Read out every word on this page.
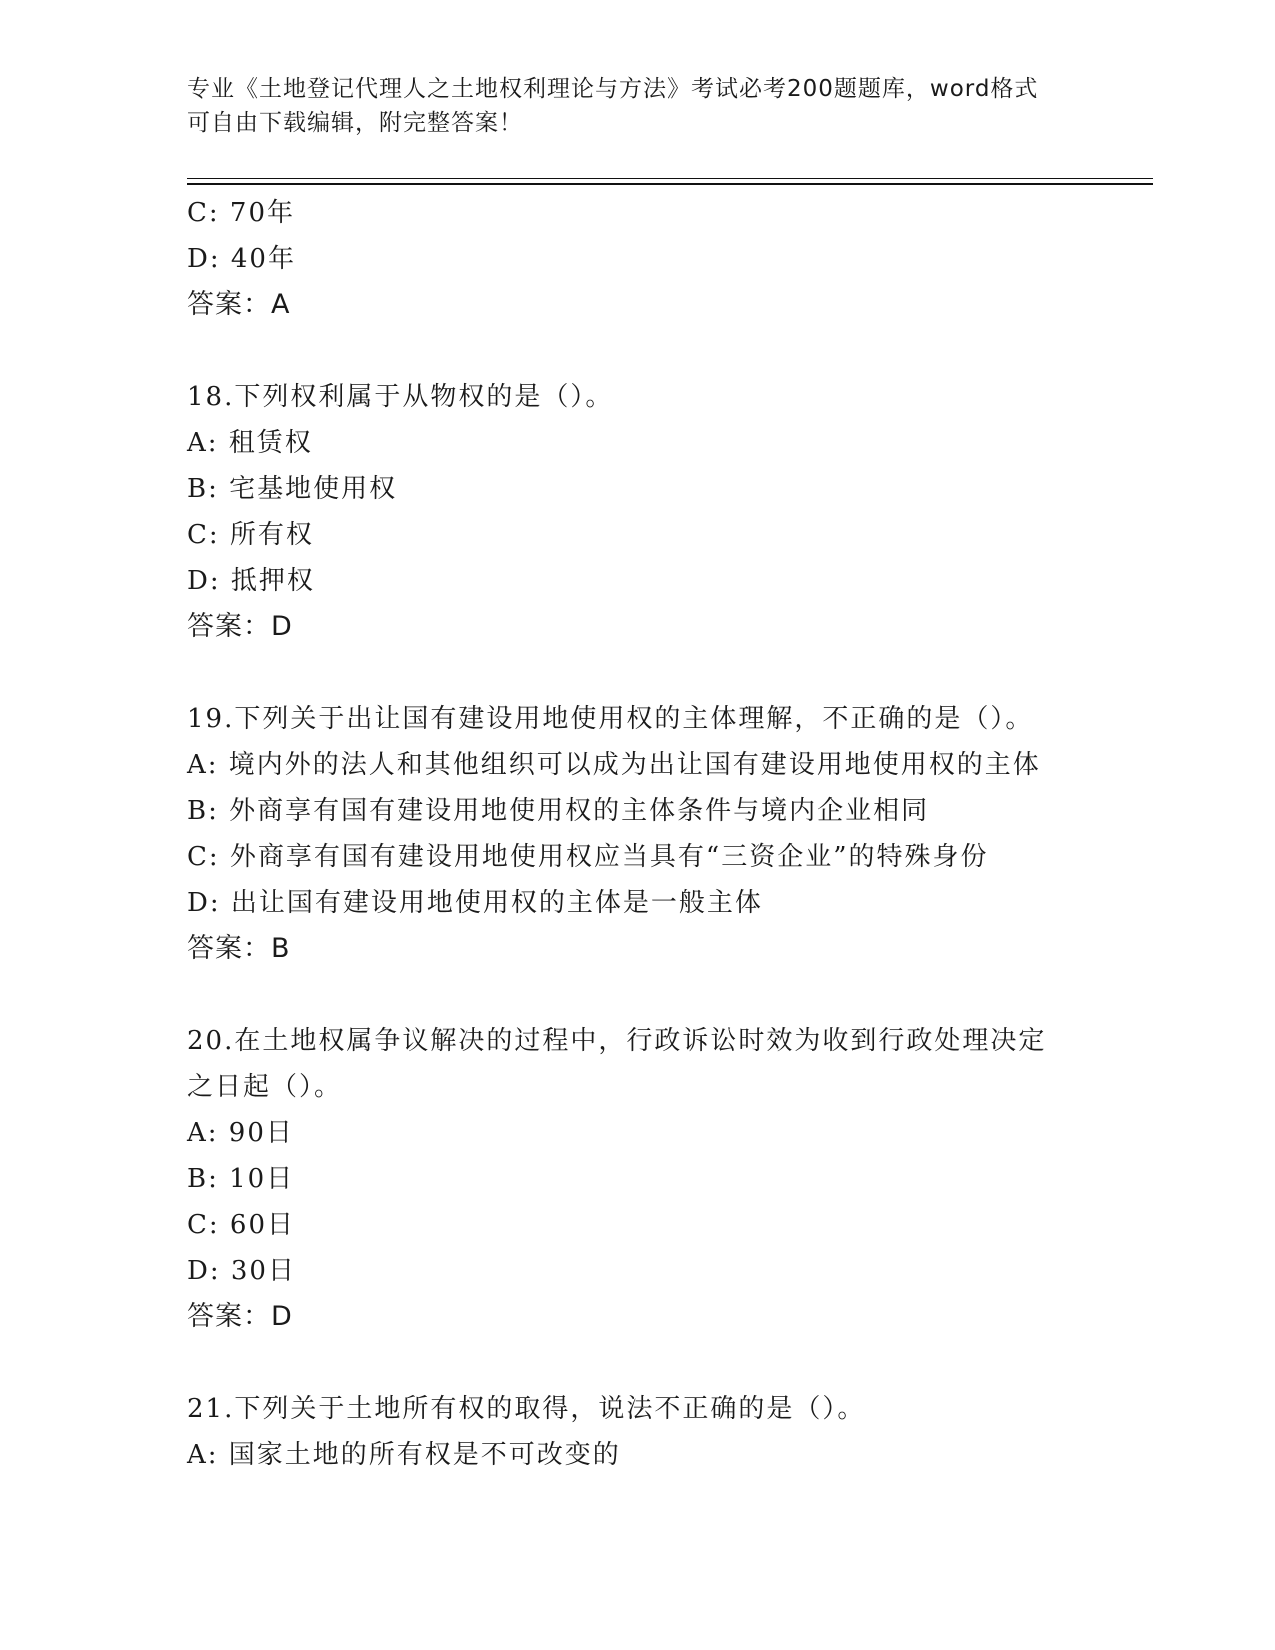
专业《土地登记代理人之土地权利理论与方法》考试必考200题题库，word格式
可自由下载编辑，附完整答案！
C: 70年
D: 40年
答案：A
18.下列权利属于从物权的是（）。
A: 租赁权
B: 宅基地使用权
C: 所有权
D: 抵押权
答案：D
19.下列关于出让国有建设用地使用权的主体理解，不正确的是（）。
A: 境内外的法人和其他组织可以成为出让国有建设用地使用权的主体
B: 外商享有国有建设用地使用权的主体条件与境内企业相同
C: 外商享有国有建设用地使用权应当具有“三资企业”的特殊身份
D: 出让国有建设用地使用权的主体是一般主体
答案：B
20.在土地权属争议解决的过程中，行政诉讼时效为收到行政处理决定
之日起（）。
A: 90日
B: 10日
C: 60日
D: 30日
答案：D
21.下列关于土地所有权的取得，说法不正确的是（）。
A: 国家土地的所有权是不可改变的
